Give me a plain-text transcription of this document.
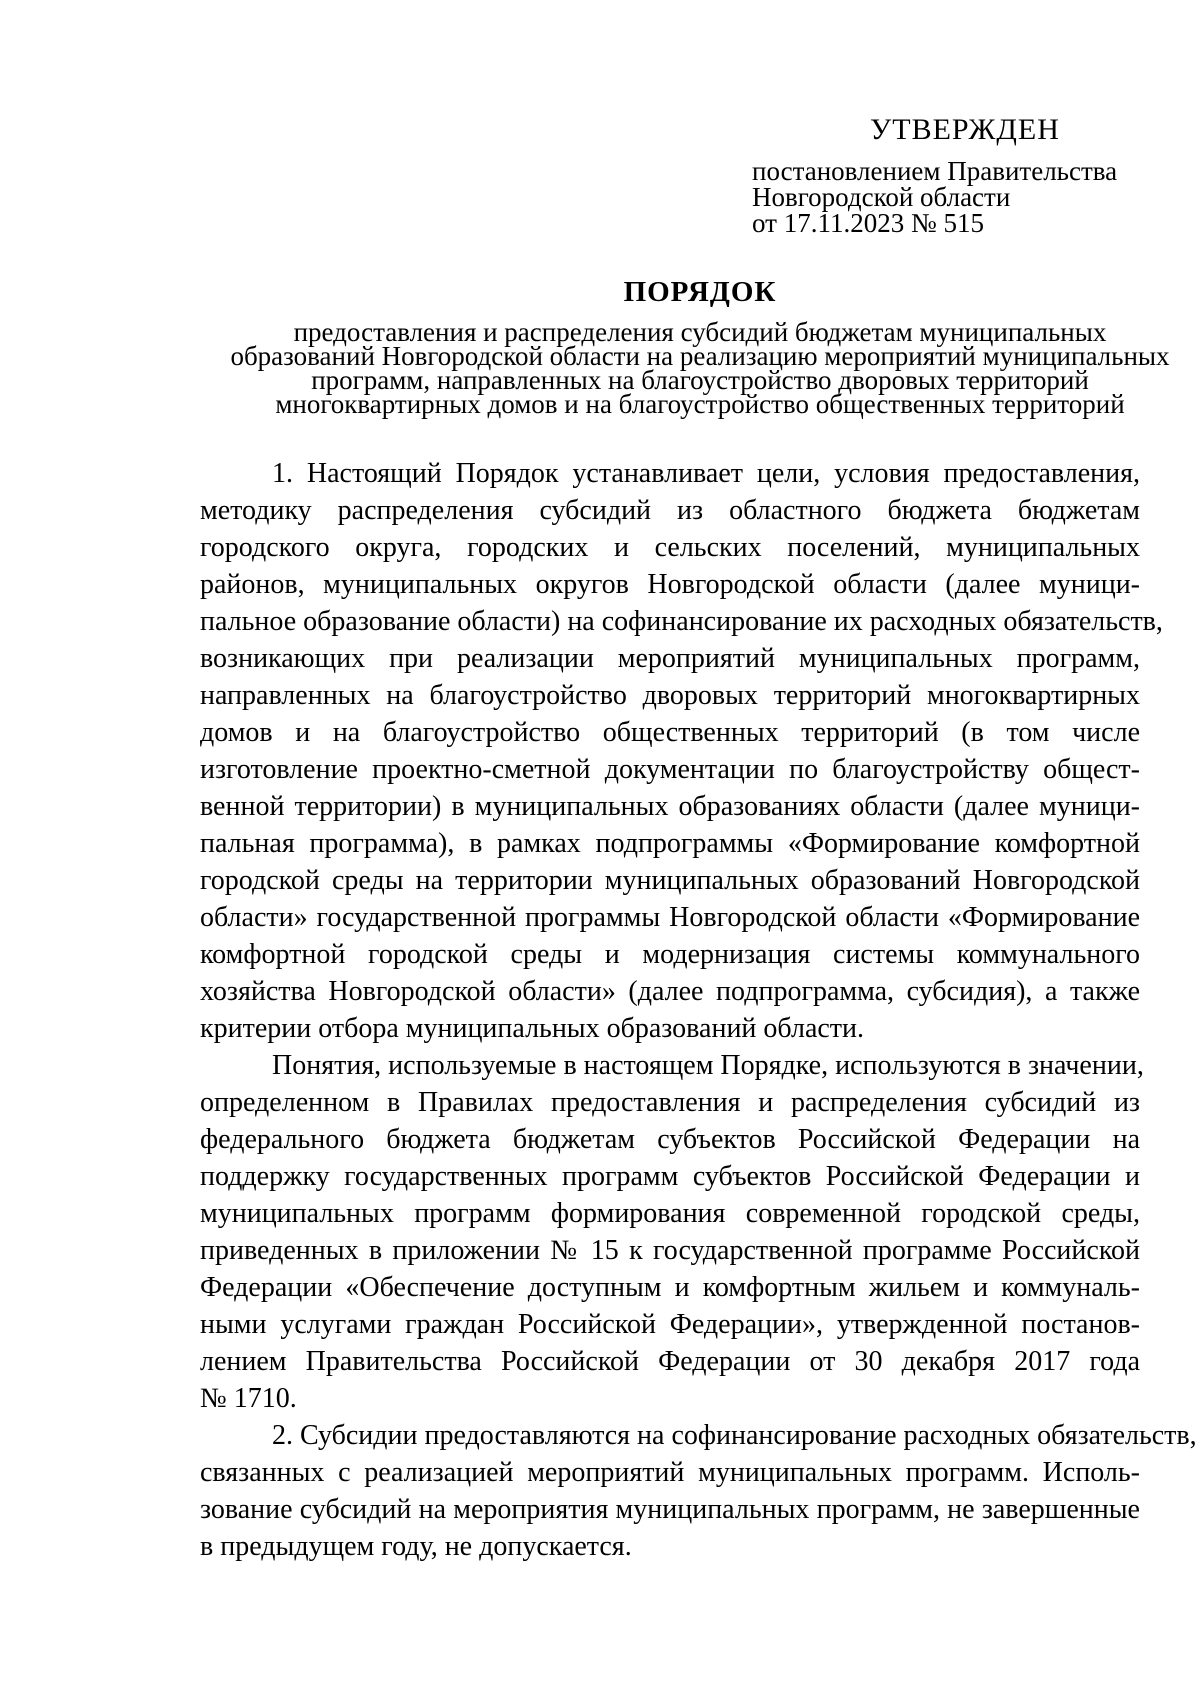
УТВЕРЖДЕН
постановлением Правительства
Новгородской области
от 17.11.2023 № 515
ПОРЯДОК
предоставления и распределения субсидий бюджетам муниципальных
образований Новгородской области на реализацию мероприятий муниципальных
программ, направленных на благоустройство дворовых территорий
многоквартирных домов и на благоустройство общественных территорий
1. Настоящий Порядок устанавливает цели, условия предоставления,
методику распределения субсидий из областного бюджета бюджетам
городского округа, городских и сельских поселений, муниципальных
районов, муниципальных округов Новгородской области (далее муници-
пальное образование области) на софинансирование их расходных обязательств,
возникающих при реализации мероприятий муниципальных программ,
направленных на благоустройство дворовых территорий многоквартирных
домов и на благоустройство общественных территорий (в том числе
изготовление проектно-сметной документации по благоустройству общест-
венной территории) в муниципальных образованиях области (далее муници-
пальная программа), в рамках подпрограммы «Формирование комфортной
городской среды на территории муниципальных образований Новгородской
области» государственной программы Новгородской области «Формирование
комфортной городской среды и модернизация системы коммунального
хозяйства Новгородской области» (далее подпрограмма, субсидия), а также
критерии отбора муниципальных образований области.
Понятия, используемые в настоящем Порядке, используются в значении,
определенном в Правилах предоставления и распределения субсидий из
федерального бюджета бюджетам субъектов Российской Федерации на
поддержку государственных программ субъектов Российской Федерации и
муниципальных программ формирования современной городской среды,
приведенных в приложении № 15 к государственной программе Российской
Федерации «Обеспечение доступным и комфортным жильем и коммуналь-
ными услугами граждан Российской Федерации», утвержденной постанов-
лением Правительства Российской Федерации от 30 декабря 2017 года
№ 1710.
2. Субсидии предоставляются на софинансирование расходных обязательств,
связанных с реализацией мероприятий муниципальных программ. Исполь-
зование субсидий на мероприятия муниципальных программ, не завершенные
в предыдущем году, не допускается.
